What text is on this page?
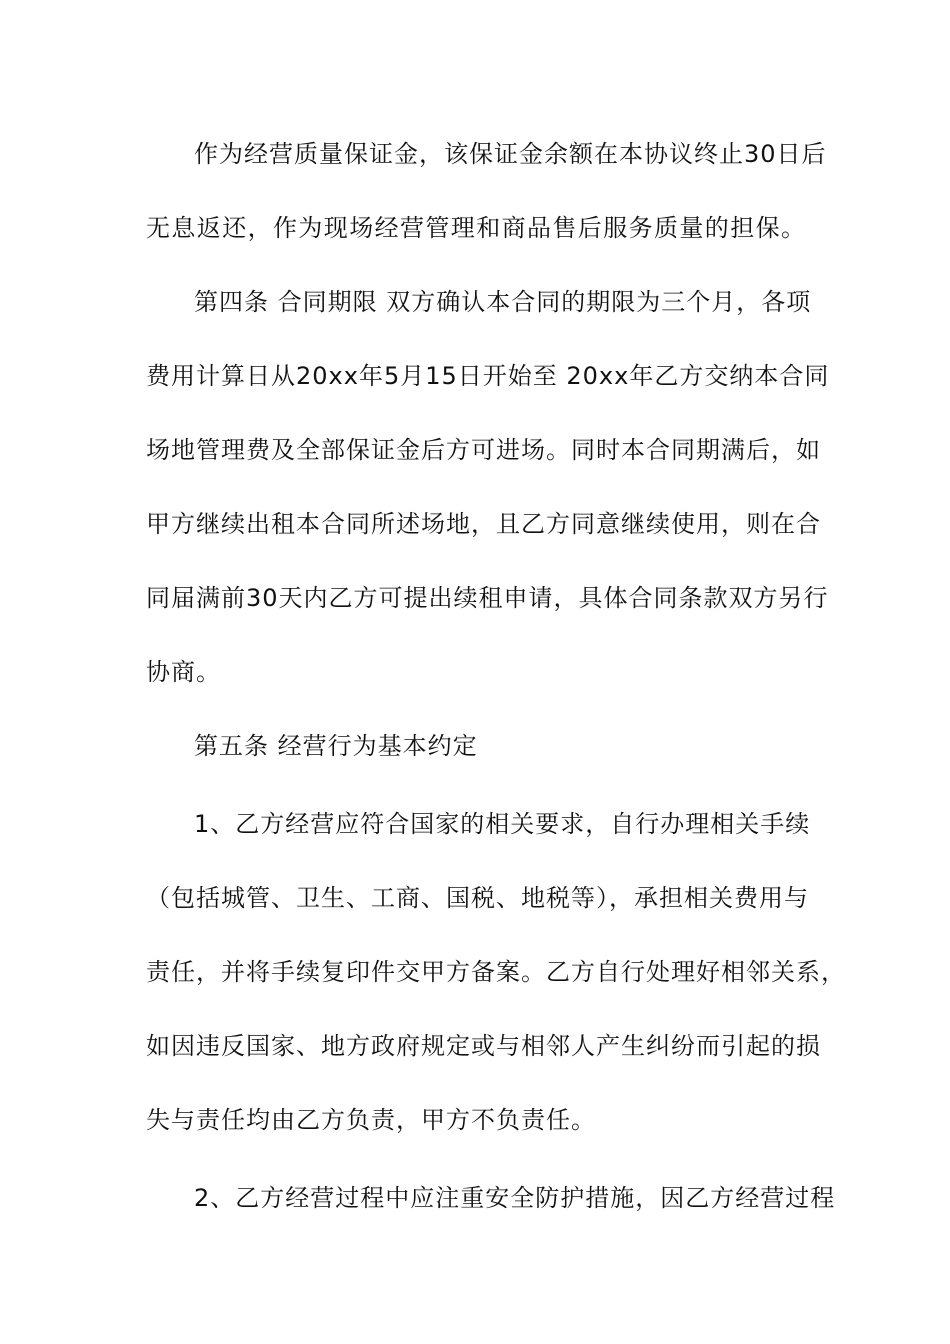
作为经营质量保证金，该保证金余额在本协议终止30日后
无息返还，作为现场经营管理和商品售后服务质量的担保。
第四条 合同期限 双方确认本合同的期限为三个月，各项
费用计算日从20xx年5月15日开始至 20xx年乙方交纳本合同
场地管理费及全部保证金后方可进场。同时本合同期满后，如
甲方继续出租本合同所述场地，且乙方同意继续使用，则在合
同届满前30天内乙方可提出续租申请，具体合同条款双方另行
协商。
第五条 经营行为基本约定
1、乙方经营应符合国家的相关要求，自行办理相关手续
（包括城管、卫生、工商、国税、地税等），承担相关费用与
责任，并将手续复印件交甲方备案。乙方自行处理好相邻关系，
如因违反国家、地方政府规定或与相邻人产生纠纷而引起的损
失与责任均由乙方负责，甲方不负责任。
2、乙方经营过程中应注重安全防护措施，因乙方经营过程
